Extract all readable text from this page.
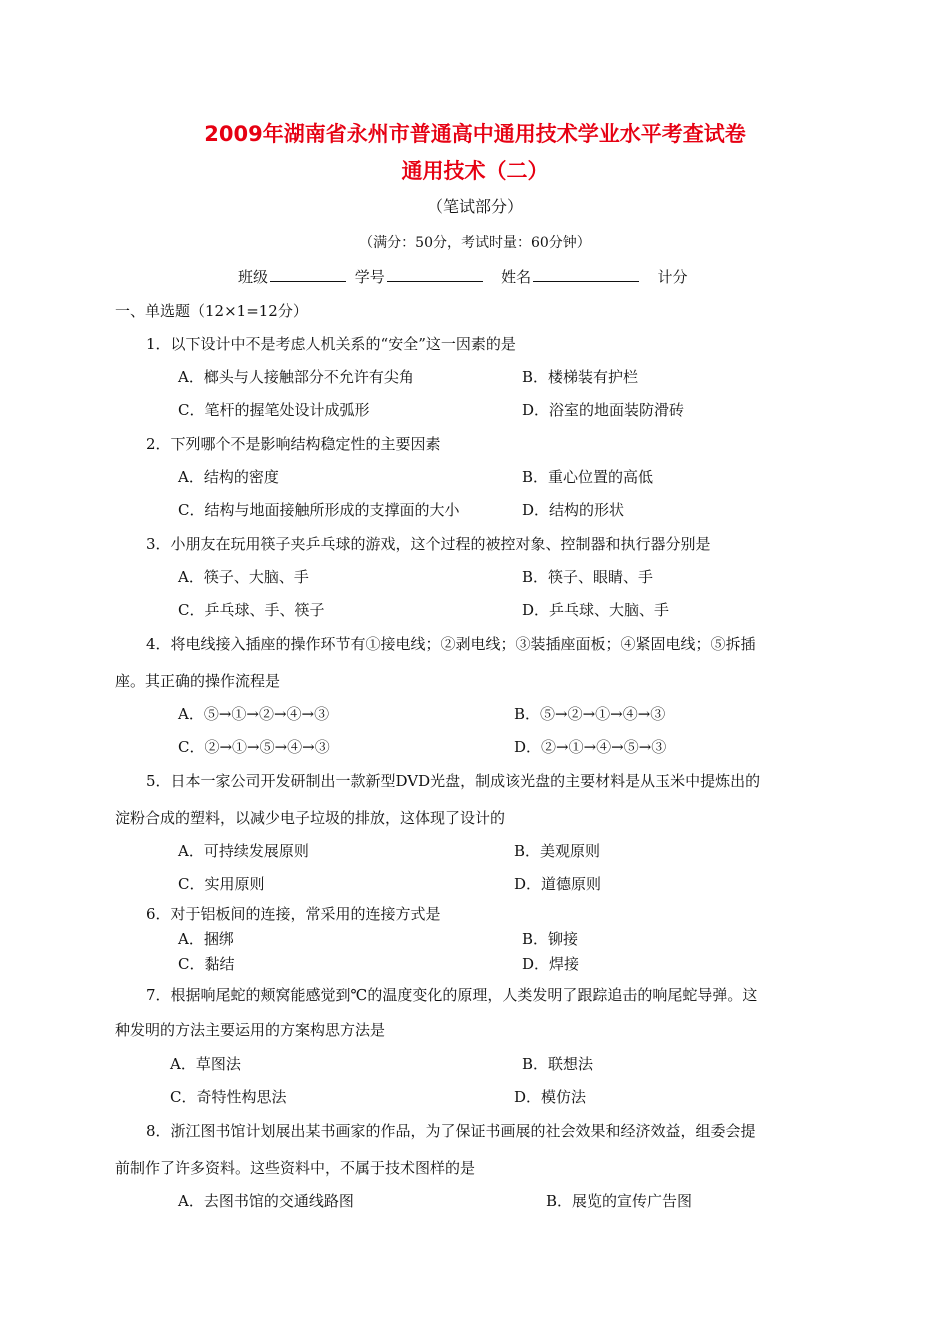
2009年湖南省永州市普通高中通用技术学业水平考查试卷
通用技术（二）
（笔试部分）
（满分：50分，考试时量：60分钟）
班级	学号	姓名	计分
一、单选题（12×1=12分）
1．以下设计中不是考虑人机关系的“安全”这一因素的是
A．榔头与人接触部分不允许有尖角	B．楼梯装有护栏
C．笔杆的握笔处设计成弧形	D．浴室的地面装防滑砖
2．下列哪个不是影响结构稳定性的主要因素
A．结构的密度	B．重心位置的高低
C．结构与地面接触所形成的支撑面的大小	D．结构的形状
3．小朋友在玩用筷子夹乒乓球的游戏，这个过程的被控对象、控制器和执行器分别是
A．筷子、大脑、手	B．筷子、眼睛、手
C．乒乓球、手、筷子	D．乒乓球、大脑、手
4．将电线接入插座的操作环节有①接电线；②剥电线；③装插座面板；④紧固电线；⑤拆插
座。其正确的操作流程是
A．⑤→①→②→④→③	B．⑤→②→①→④→③
C．②→①→⑤→④→③	D．②→①→④→⑤→③
5．日本一家公司开发研制出一款新型DVD光盘，制成该光盘的主要材料是从玉米中提炼出的
淀粉合成的塑料，以减少电子垃圾的排放，这体现了设计的
A．可持续发展原则	B．美观原则
C．实用原则	D．道德原则
6．对于铝板间的连接，常采用的连接方式是
A．捆绑	B．铆接
C．黏结	D．焊接
7．根据响尾蛇的颊窝能感觉到℃的温度变化的原理，人类发明了跟踪追击的响尾蛇导弹。这
种发明的方法主要运用的方案构思方法是
A．草图法	B．联想法
C．奇特性构思法	D．模仿法
8．浙江图书馆计划展出某书画家的作品，为了保证书画展的社会效果和经济效益，组委会提
前制作了许多资料。这些资料中，不属于技术图样的是
A．去图书馆的交通线路图	B．展览的宣传广告图
